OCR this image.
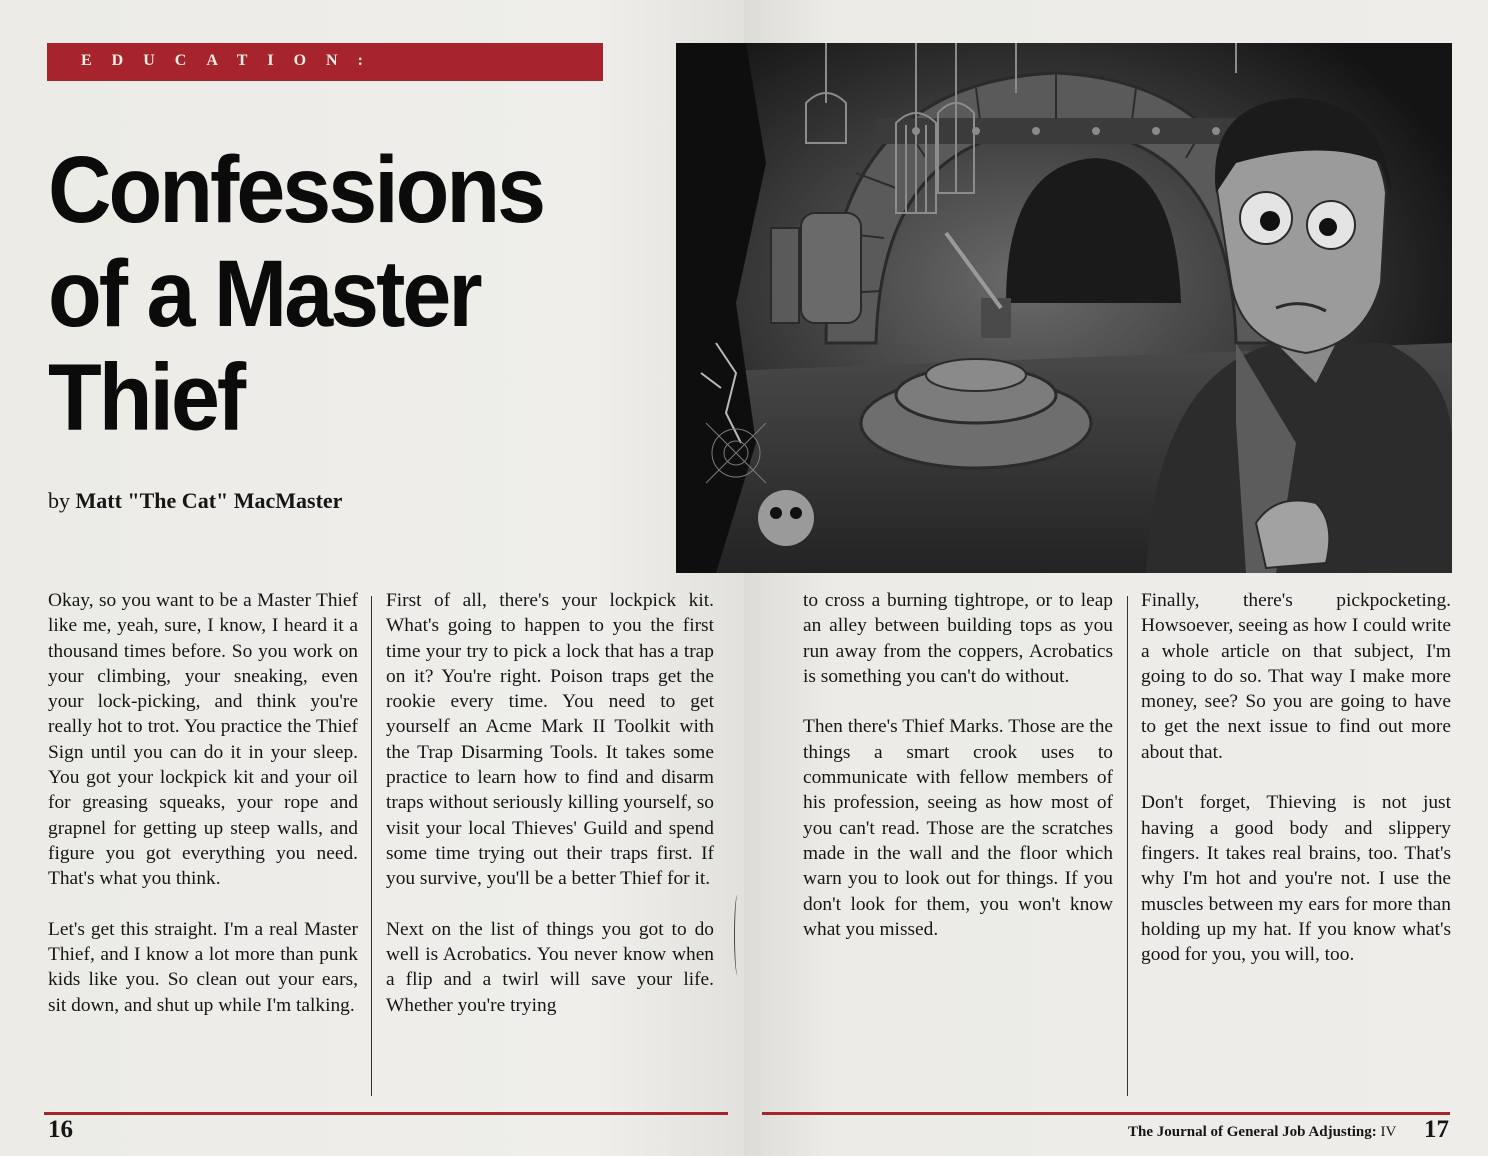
EDUCATION:
Confessions
of a Master
Thief
by Matt "The Cat" MacMaster

Okay, so you want to be a Master Thief like me, yeah, sure, I know, I heard it a thousand times before. So you work on your climbing, your sneaking, even your lock-picking, and think you're really hot to trot. You practice the Thief Sign until you can do it in your sleep. You got your lockpick kit and your oil for greasing squeaks, your rope and grapnel for getting up steep walls, and figure you got everything you need. That's what you think.

Let's get this straight. I'm a real Master Thief, and I know a lot more than punk kids like you. So clean out your ears, sit down, and shut up while I'm talking.

First of all, there's your lockpick kit. What's going to happen to you the first time your try to pick a lock that has a trap on it? You're right. Poison traps get the rookie every time. You need to get yourself an Acme Mark II Toolkit with the Trap Disarming Tools. It takes some practice to learn how to find and disarm traps without seriously killing yourself, so visit your local Thieves' Guild and spend some time trying out their traps first. If you survive, you'll be a better Thief for it.

Next on the list of things you got to do well is Acrobatics. You never know when a flip and a twirl will save your life. Whether you're trying

to cross a burning tightrope, or to leap an alley between building tops as you run away from the coppers, Acrobatics is something you can't do without.

Then there's Thief Marks. Those are the things a smart crook uses to communicate with fellow members of his profession, seeing as how most of you can't read. Those are the scratches made in the wall and the floor which warn you to look out for things. If you don't look for them, you won't know what you missed.

Finally, there's pickpocketing. Howsoever, seeing as how I could write a whole article on that subject, I'm going to do so. That way I make more money, see? So you are going to have to get the next issue to find out more about that.

Don't forget, Thieving is not just having a good body and slippery fingers. It takes real brains, too. That's why I'm hot and you're not. I use the muscles between my ears for more than holding up my hat. If you know what's good for you, you will, too.

16	The Journal of General Job Adjusting: IV 17
